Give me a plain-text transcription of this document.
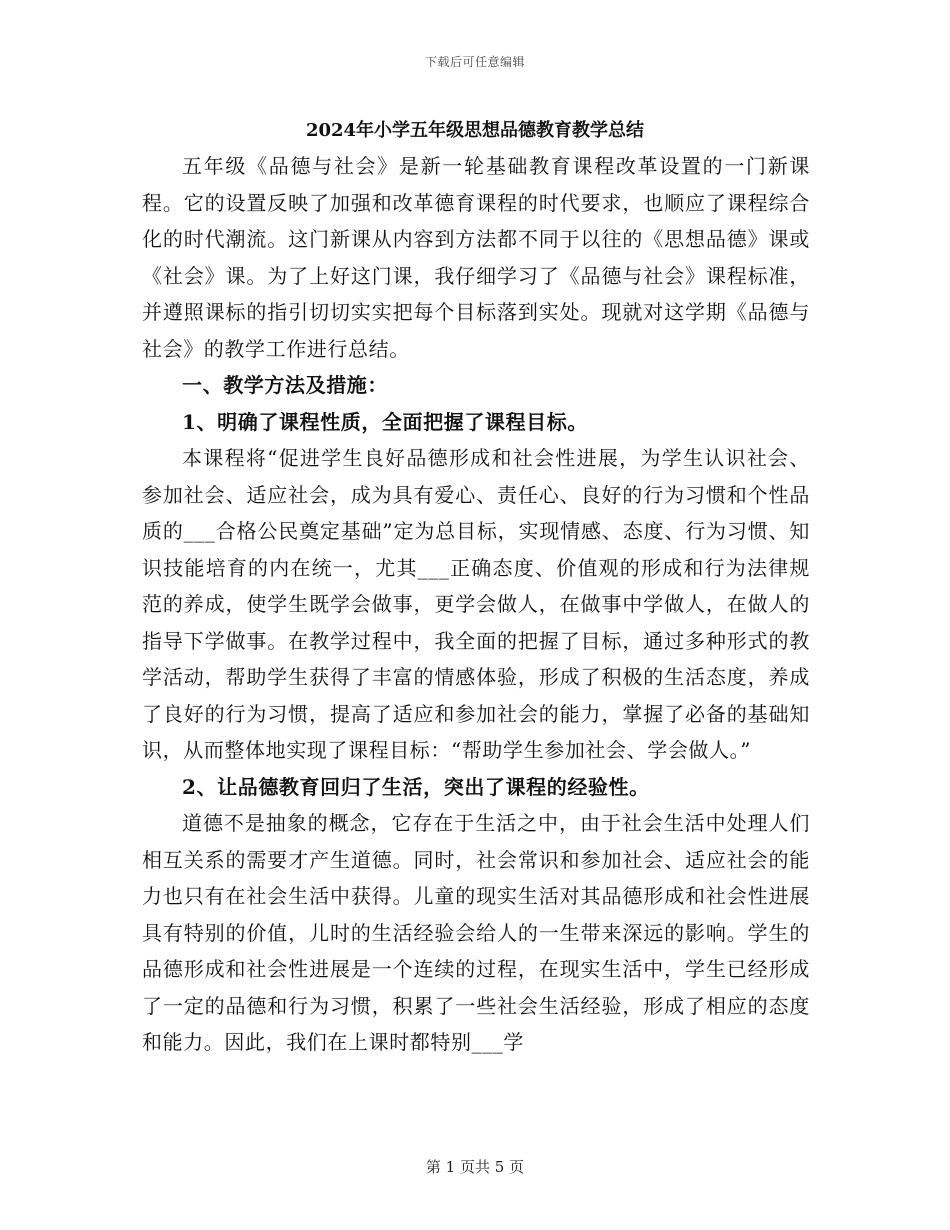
下载后可任意编辑
2024年小学五年级思想品德教育教学总结

五年级《品德与社会》是新一轮基础教育课程改革设置的一门新课程。它的设置反映了加强和改革德育课程的时代要求，也顺应了课程综合化的时代潮流。这门新课从内容到方法都不同于以往的《思想品德》课或《社会》课。为了上好这门课，我仔细学习了《品德与社会》课程标准，并遵照课标的指引切切实实把每个目标落到实处。现就对这学期《品德与社会》的教学工作进行总结。

一、教学方法及措施：

1、明确了课程性质，全面把握了课程目标。

本课程将“促进学生良好品德形成和社会性进展，为学生认识社会、参加社会、适应社会，成为具有爱心、责任心、良好的行为习惯和个性品质的___合格公民奠定基础”定为总目标，实现情感、态度、行为习惯、知识技能培育的内在统一，尤其___正确态度、价值观的形成和行为法律规范的养成，使学生既学会做事，更学会做人，在做事中学做人，在做人的指导下学做事。在教学过程中，我全面的把握了目标，通过多种形式的教学活动，帮助学生获得了丰富的情感体验，形成了积极的生活态度，养成了良好的行为习惯，提高了适应和参加社会的能力，掌握了必备的基础知识，从而整体地实现了课程目标：“帮助学生参加社会、学会做人。”

2、让品德教育回归了生活，突出了课程的经验性。

道德不是抽象的概念，它存在于生活之中，由于社会生活中处理人们相互关系的需要才产生道德。同时，社会常识和参加社会、适应社会的能力也只有在社会生活中获得。儿童的现实生活对其品德形成和社会性进展具有特别的价值，儿时的生活经验会给人的一生带来深远的影响。学生的品德形成和社会性进展是一个连续的过程，在现实生活中，学生已经形成了一定的品德和行为习惯，积累了一些社会生活经验，形成了相应的态度和能力。因此，我们在上课时都特别___学

第 1 页共 5 页
